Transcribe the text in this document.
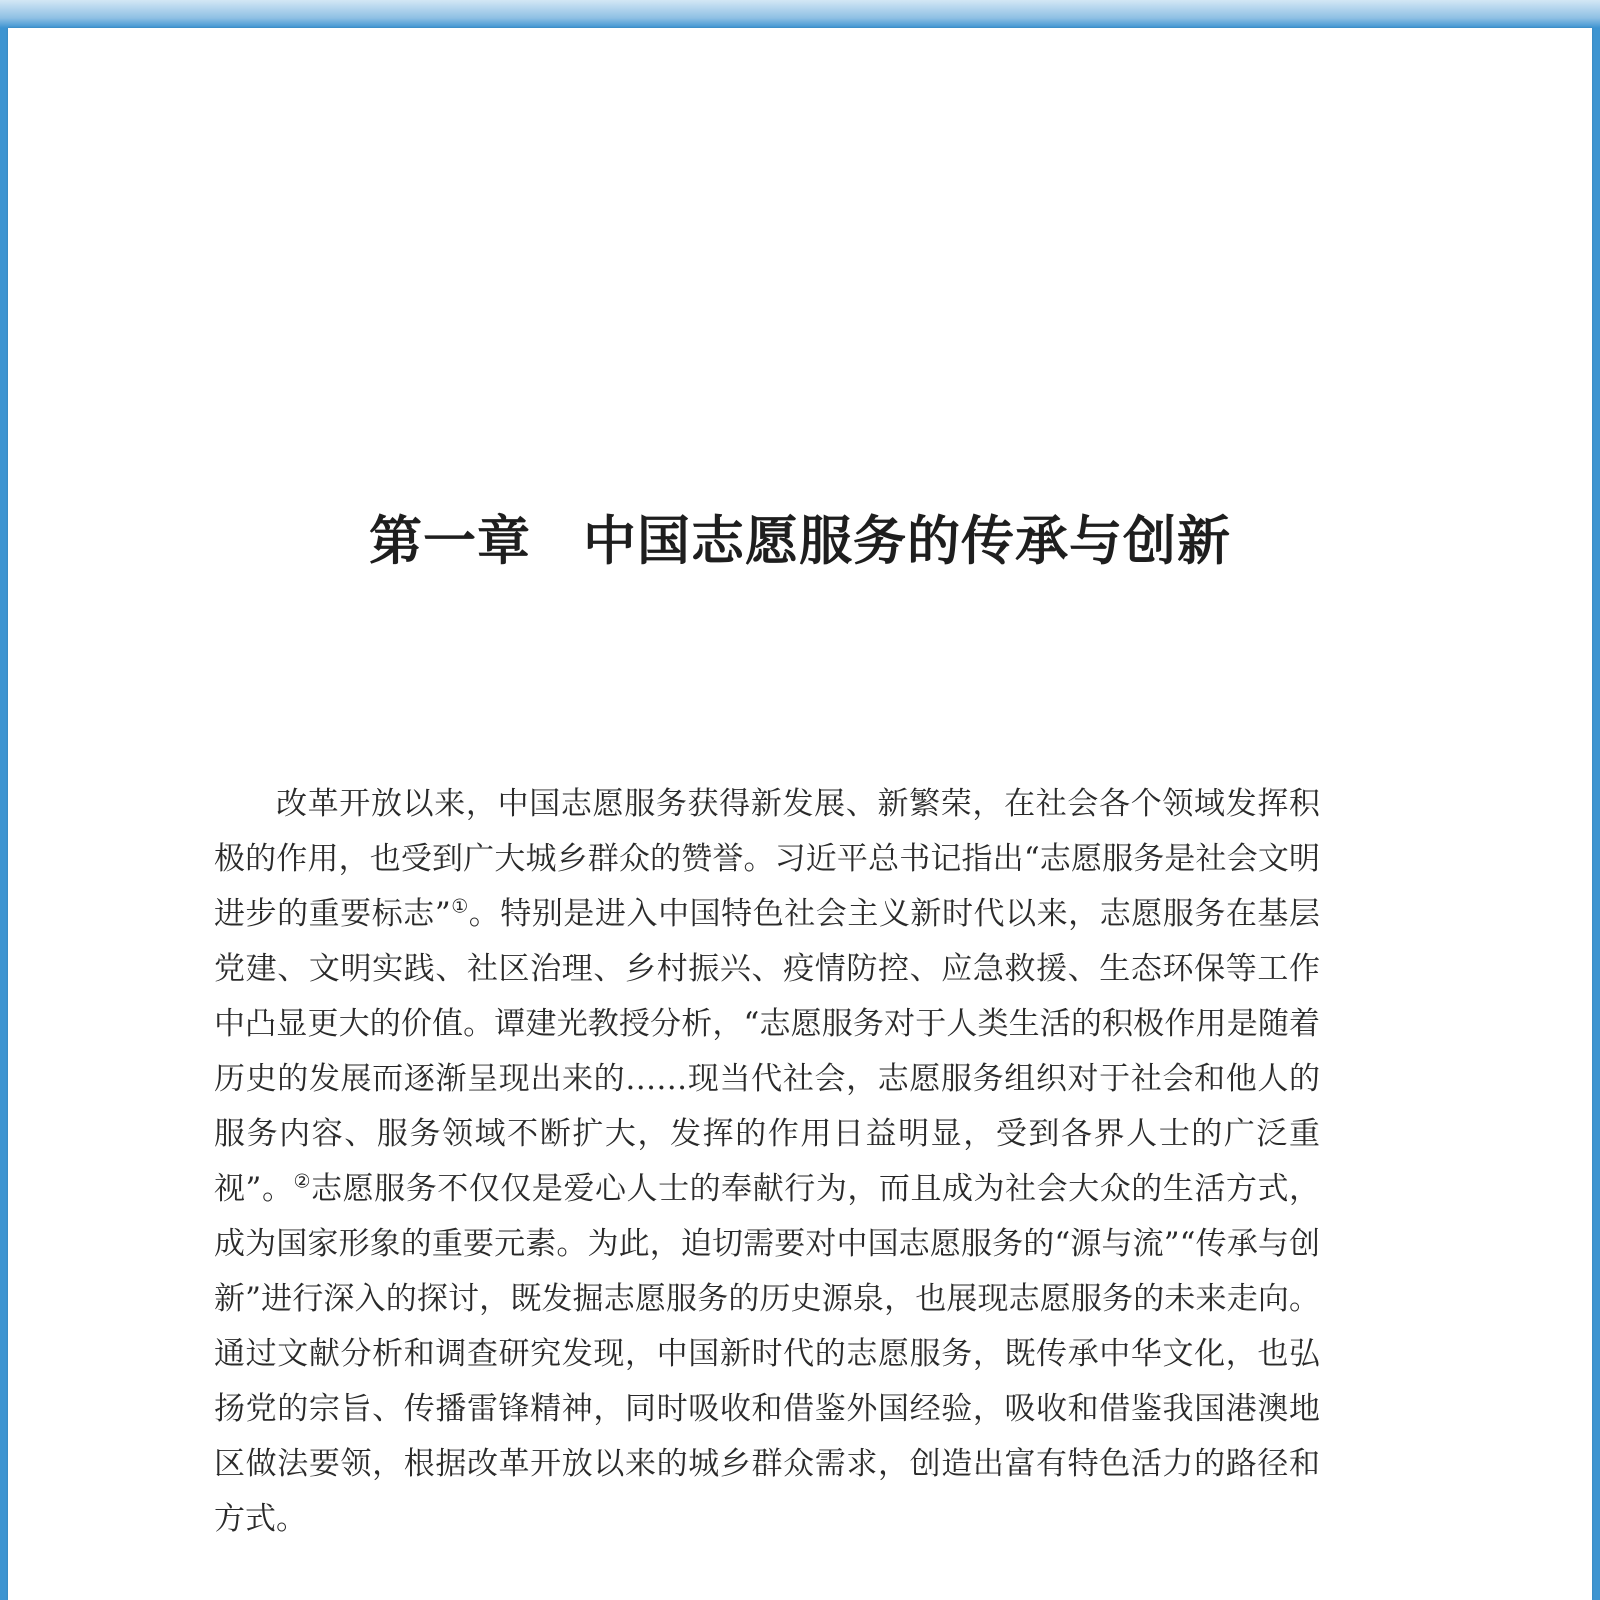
第一章 中国志愿服务的传承与创新

改革开放以来，中国志愿服务获得新发展、新繁荣，在社会各个领域发挥积极的作用，也受到广大城乡群众的赞誉。习近平总书记指出“志愿服务是社会文明进步的重要标志”①。特别是进入中国特色社会主义新时代以来，志愿服务在基层党建、文明实践、社区治理、乡村振兴、疫情防控、应急救援、生态环保等工作中凸显更大的价值。谭建光教授分析，“志愿服务对于人类生活的积极作用是随着历史的发展而逐渐呈现出来的……现当代社会，志愿服务组织对于社会和他人的服务内容、服务领域不断扩大，发挥的作用日益明显，受到各界人士的广泛重视”。②志愿服务不仅仅是爱心人士的奉献行为，而且成为社会大众的生活方式，成为国家形象的重要元素。为此，迫切需要对中国志愿服务的“源与流”“传承与创新”进行深入的探讨，既发掘志愿服务的历史源泉，也展现志愿服务的未来走向。通过文献分析和调查研究发现，中国新时代的志愿服务，既传承中华文化，也弘扬党的宗旨、传播雷锋精神，同时吸收和借鉴外国经验，吸收和借鉴我国港澳地区做法要领，根据改革开放以来的城乡群众需求，创造出富有特色活力的路径和方式。
